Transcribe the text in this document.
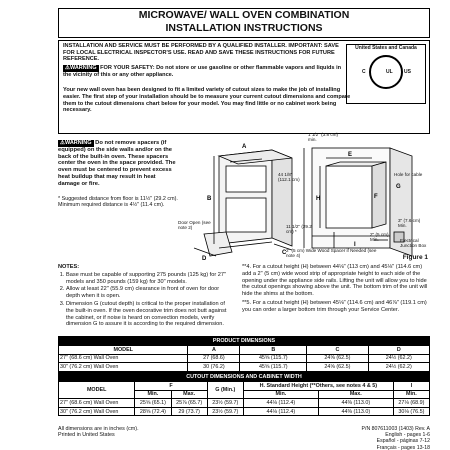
MICROWAVE/ WALL OVEN COMBINATION
INSTALLATION INSTRUCTIONS
INSTALLATION AND SERVICE MUST BE PERFORMED BY A QUALIFIED INSTALLER. IMPORTANT: SAVE FOR LOCAL ELECTRICAL INSPECTOR'S USE. READ AND SAVE THESE INSTRUCTIONS FOR FUTURE REFERENCE.
United States and Canada
C	UL US
⚠WARNING FOR YOUR SAFETY: Do not store or use gasoline or other flammable vapors and liquids in the vicinity of this or any other appliance.
Your new wall oven has been designed to fit a limited variety of cutout sizes to make the job of installing easier. The first step of your installation should be to measure your current cutout dimensions and compare them to the cutout dimensions chart below for your model. You may find little or no cabinet work being necessary.
⚠WARNING Do not remove spacers (if equipped) on the side walls and/or on the back of the built-in oven. These spacers center the oven in the space provided. The oven must be centered to prevent excess heat buildup that may result in heat damage or fire.
* Suggested distance from floor is 11½" (29.2 cm). Minimum required distance is 4½" (11.4 cm).
A
B
C
D
E
F
G
H
I
Door Open (see note 2)
1 1/2" (3.8 cm) min.
44 1/8" (112.1 cm)
11 1/2" (29.2 cm) *
Hole for cable
3" (7.6 cm) Min.
Electrical Junction Box
2" (5 cm) Min.
2" (5 cm) Wide Wood Spacer if Needed (see note 4)	Figure 1
NOTES:
1. Base must be capable of supporting 275 pounds (125 kg) for 27" models and 350 pounds (159 kg) for 30" models.
2. Allow at least 22" (55.9 cm) clearance in front of oven for door depth when it is open.
3. Dimension G (cutout depth) is critical to the proper installation of the built-in oven. If the oven decorative trim does not butt against the cabinet, or if noise is heard on convection models, verify dimension G to assure it is according to the required dimension.

**4. For a cutout height (H) between 44⅛" (113 cm) and 45⅛" (114.6 cm) add a 2" (5 cm) wide wood strip of appropriate height to each side of the opening under the appliance side rails. Lifting the unit will allow you to hide the cutout openings showing above the unit. The bottom trim of the unit will hide the shims at the bottom.

**5. For a cutout height (H) between 45⅛" (114.6 cm) and 46⅞" (119.1 cm) you can order a larger bottom trim through your Service Center.

PRODUCT DIMENSIONS				
MODEL	A	B	C	D
27" (68.6 cm) Wall Oven	27 (68.6)	45⅝ (115.7)	24⅝ (62.5)	24½ (62.2)
30" (76.2 cm) Wall Oven	30 (76.2)	45⅝ (115.7)	24⅝ (62.5)	24½ (62.2)
CUTOUT DIMENSIONS AND CABINET WIDTH						
MODEL	F		G (Min.)	H. Standard Height (**Others, see notes 4 & 5)		I
	Min.	Max.		Min.	Max.	Min.
27" (68.6 cm) Wall Oven	25⅝ (65.1)	25⅞ (65.7)	23½ (59.7)	44⅛ (112.4)	44⅜ (113.0)	27⅛ (68.9)
30" (76.2 cm) Wall Oven	28⅝ (72.4)	29 (73.7)	23½ (59.7)	44⅛ (112.4)	44⅜ (113.0)	30⅛ (76.5)
All dimensions are in inches (cm).
Printed in United States
P/N 807611003 (1403) Rev. A
English - pages 1-6
Español - páginas 7-12
Français - pages 13-18
